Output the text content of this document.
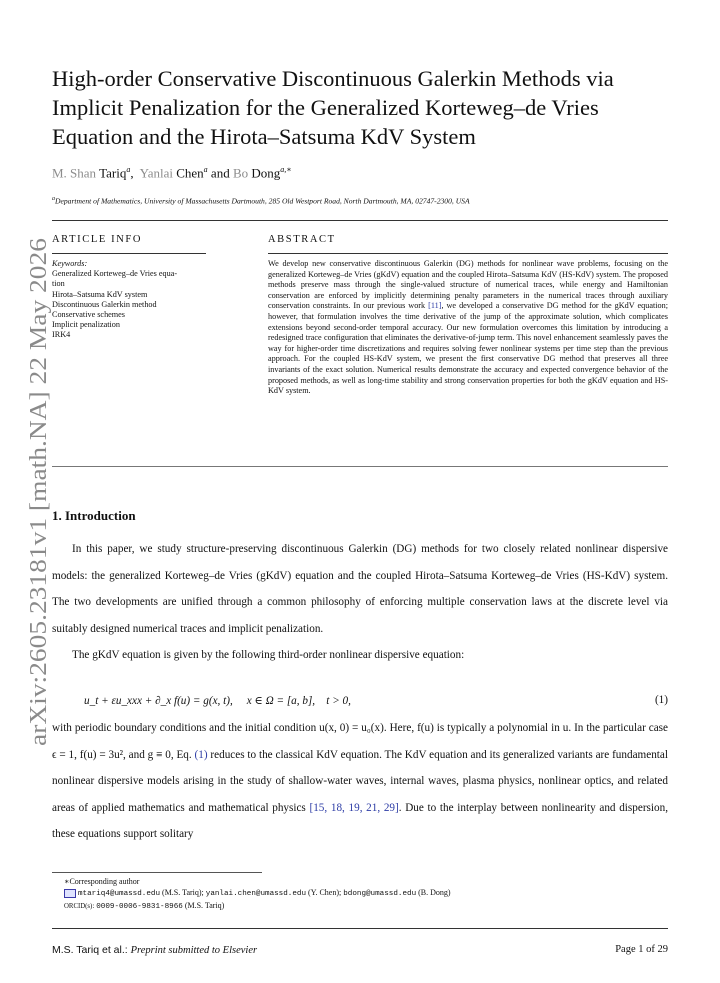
arXiv:2605.23181v1 [math.NA] 22 May 2026
High-order Conservative Discontinuous Galerkin Methods via
Implicit Penalization for the Generalized Korteweg–de Vries
Equation and the Hirota–Satsuma KdV System
M. Shan Tariq$^a$,  Yanlai Chen$^a$ and Bo Dong$^{a,∗}$
$^a$Department of Mathematics, University of Massachusetts Dartmouth, 285 Old Westport Road, North Dartmouth, MA, 02747-2300, USA
ARTICLE INFO
Keywords:
Generalized Korteweg–de Vries equa-
tion
Hirota–Satsuma KdV system
Discontinuous Galerkin method
Conservative schemes
Implicit penalization
IRK4
ABSTRACT
We develop new conservative discontinuous Galerkin (DG) methods for nonlinear wave problems, focusing on the generalized Korteweg–de Vries (gKdV) equation and the coupled Hirota–Satsuma KdV (HS-KdV) system. The proposed methods preserve mass through the single-valued structure of numerical traces, while energy and Hamiltonian conservation are enforced by implicitly determining penalty parameters in the numerical traces through auxiliary conservation constraints. In our previous work [11], we developed a conservative DG method for the gKdV equation; however, that formulation involves the time derivative of the jump of the approximate solution, which complicates extensions beyond second-order temporal accuracy. Our new formulation overcomes this limitation by introducing a redesigned trace configuration that eliminates the derivative-of-jump term. This novel enhancement seamlessly paves the way for higher-order time discretizations and requires solving fewer nonlinear systems per time step than the previous approach. For the coupled HS-KdV system, we present the first conservative DG method that preserves all three invariants of the exact solution. Numerical results demonstrate the accuracy and expected convergence behavior of the proposed methods, as well as long-time stability and strong conservation properties for both the gKdV equation and HS-KdV system.
1. Introduction

In this paper, we study structure-preserving discontinuous Galerkin (DG) methods for two closely related nonlinear dispersive models: the generalized Korteweg–de Vries (gKdV) equation and the coupled Hirota–Satsuma Korteweg–de Vries (HS-KdV) system. The two developments are unified through a common philosophy of enforcing multiple conservation laws at the discrete level via suitably designed numerical traces and implicit penalization.

The gKdV equation is given by the following third-order nonlinear dispersive equation:

u_t + εu_xxx + ∂_x f(u) = g(x, t),     x ∈ Ω = [a, b],    t > 0,	(1)

with periodic boundary conditions and the initial condition u(x, 0) = u₀(x). Here, f(u) is typically a polynomial in u. In the particular case ϵ = 1, f(u) = 3u², and g ≡ 0, Eq. (1) reduces to the classical KdV equation. The KdV equation and its generalized variants are fundamental nonlinear dispersive models arising in the study of shallow-water waves, internal waves, plasma physics, nonlinear optics, and related areas of applied mathematics and mathematical physics [15, 18, 19, 21, 29]. Due to the interplay between nonlinearity and dispersion, these equations support solitary

∗Corresponding author
mtariq4@umassd.edu (M.S. Tariq); yanlai.chen@umassd.edu (Y. Chen); bdong@umassd.edu (B. Dong)
ORCID(s): 0009-0006-9831-8966 (M.S. Tariq)
M.S. Tariq et al.: Preprint submitted to Elsevier	Page 1 of 29
